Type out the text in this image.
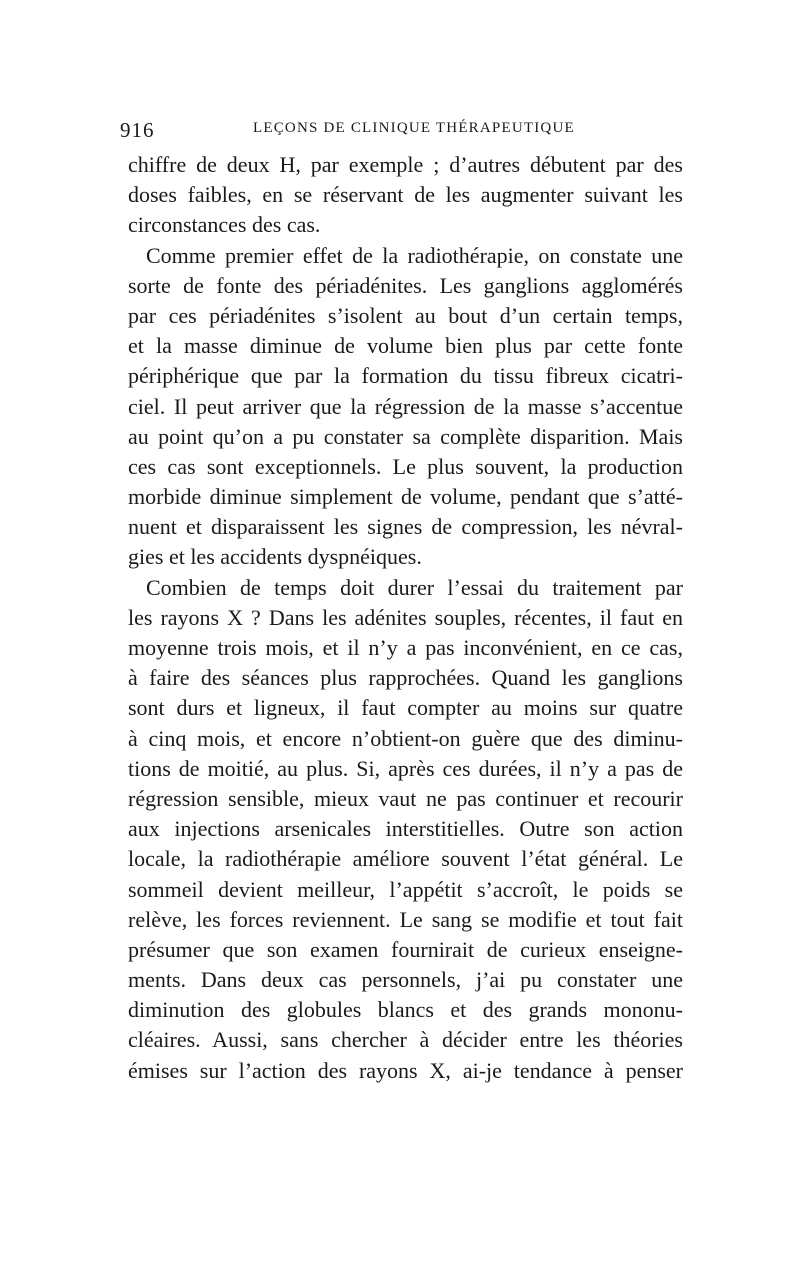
916	LEÇONS DE CLINIQUE THÉRAPEUTIQUE
chiffre de deux H, par exemple ; d’autres débutent par des
doses faibles, en se réservant de les augmenter suivant les
circonstances des cas.
Comme premier effet de la radiothérapie, on constate une
sorte de fonte des périadénites. Les ganglions agglomérés
par ces périadénites s’isolent au bout d’un certain temps,
et la masse diminue de volume bien plus par cette fonte
périphérique que par la formation du tissu fibreux cicatri-
ciel. Il peut arriver que la régression de la masse s’accentue
au point qu’on a pu constater sa complète disparition. Mais
ces cas sont exceptionnels. Le plus souvent, la production
morbide diminue simplement de volume, pendant que s’atté-
nuent et disparaissent les signes de compression, les névral-
gies et les accidents dyspnéiques.
Combien de temps doit durer l’essai du traitement par
les rayons X ? Dans les adénites souples, récentes, il faut en
moyenne trois mois, et il n’y a pas inconvénient, en ce cas,
à faire des séances plus rapprochées. Quand les ganglions
sont durs et ligneux, il faut compter au moins sur quatre
à cinq mois, et encore n’obtient-on guère que des diminu-
tions de moitié, au plus. Si, après ces durées, il n’y a pas de
régression sensible, mieux vaut ne pas continuer et recourir
aux injections arsenicales interstitielles. Outre son action
locale, la radiothérapie améliore souvent l’état général. Le
sommeil devient meilleur, l’appétit s’accroît, le poids se
relève, les forces reviennent. Le sang se modifie et tout fait
présumer que son examen fournirait de curieux enseigne-
ments. Dans deux cas personnels, j’ai pu constater une
diminution des globules blancs et des grands mononu-
cléaires. Aussi, sans chercher à décider entre les théories
émises sur l’action des rayons X, ai-je tendance à penser
